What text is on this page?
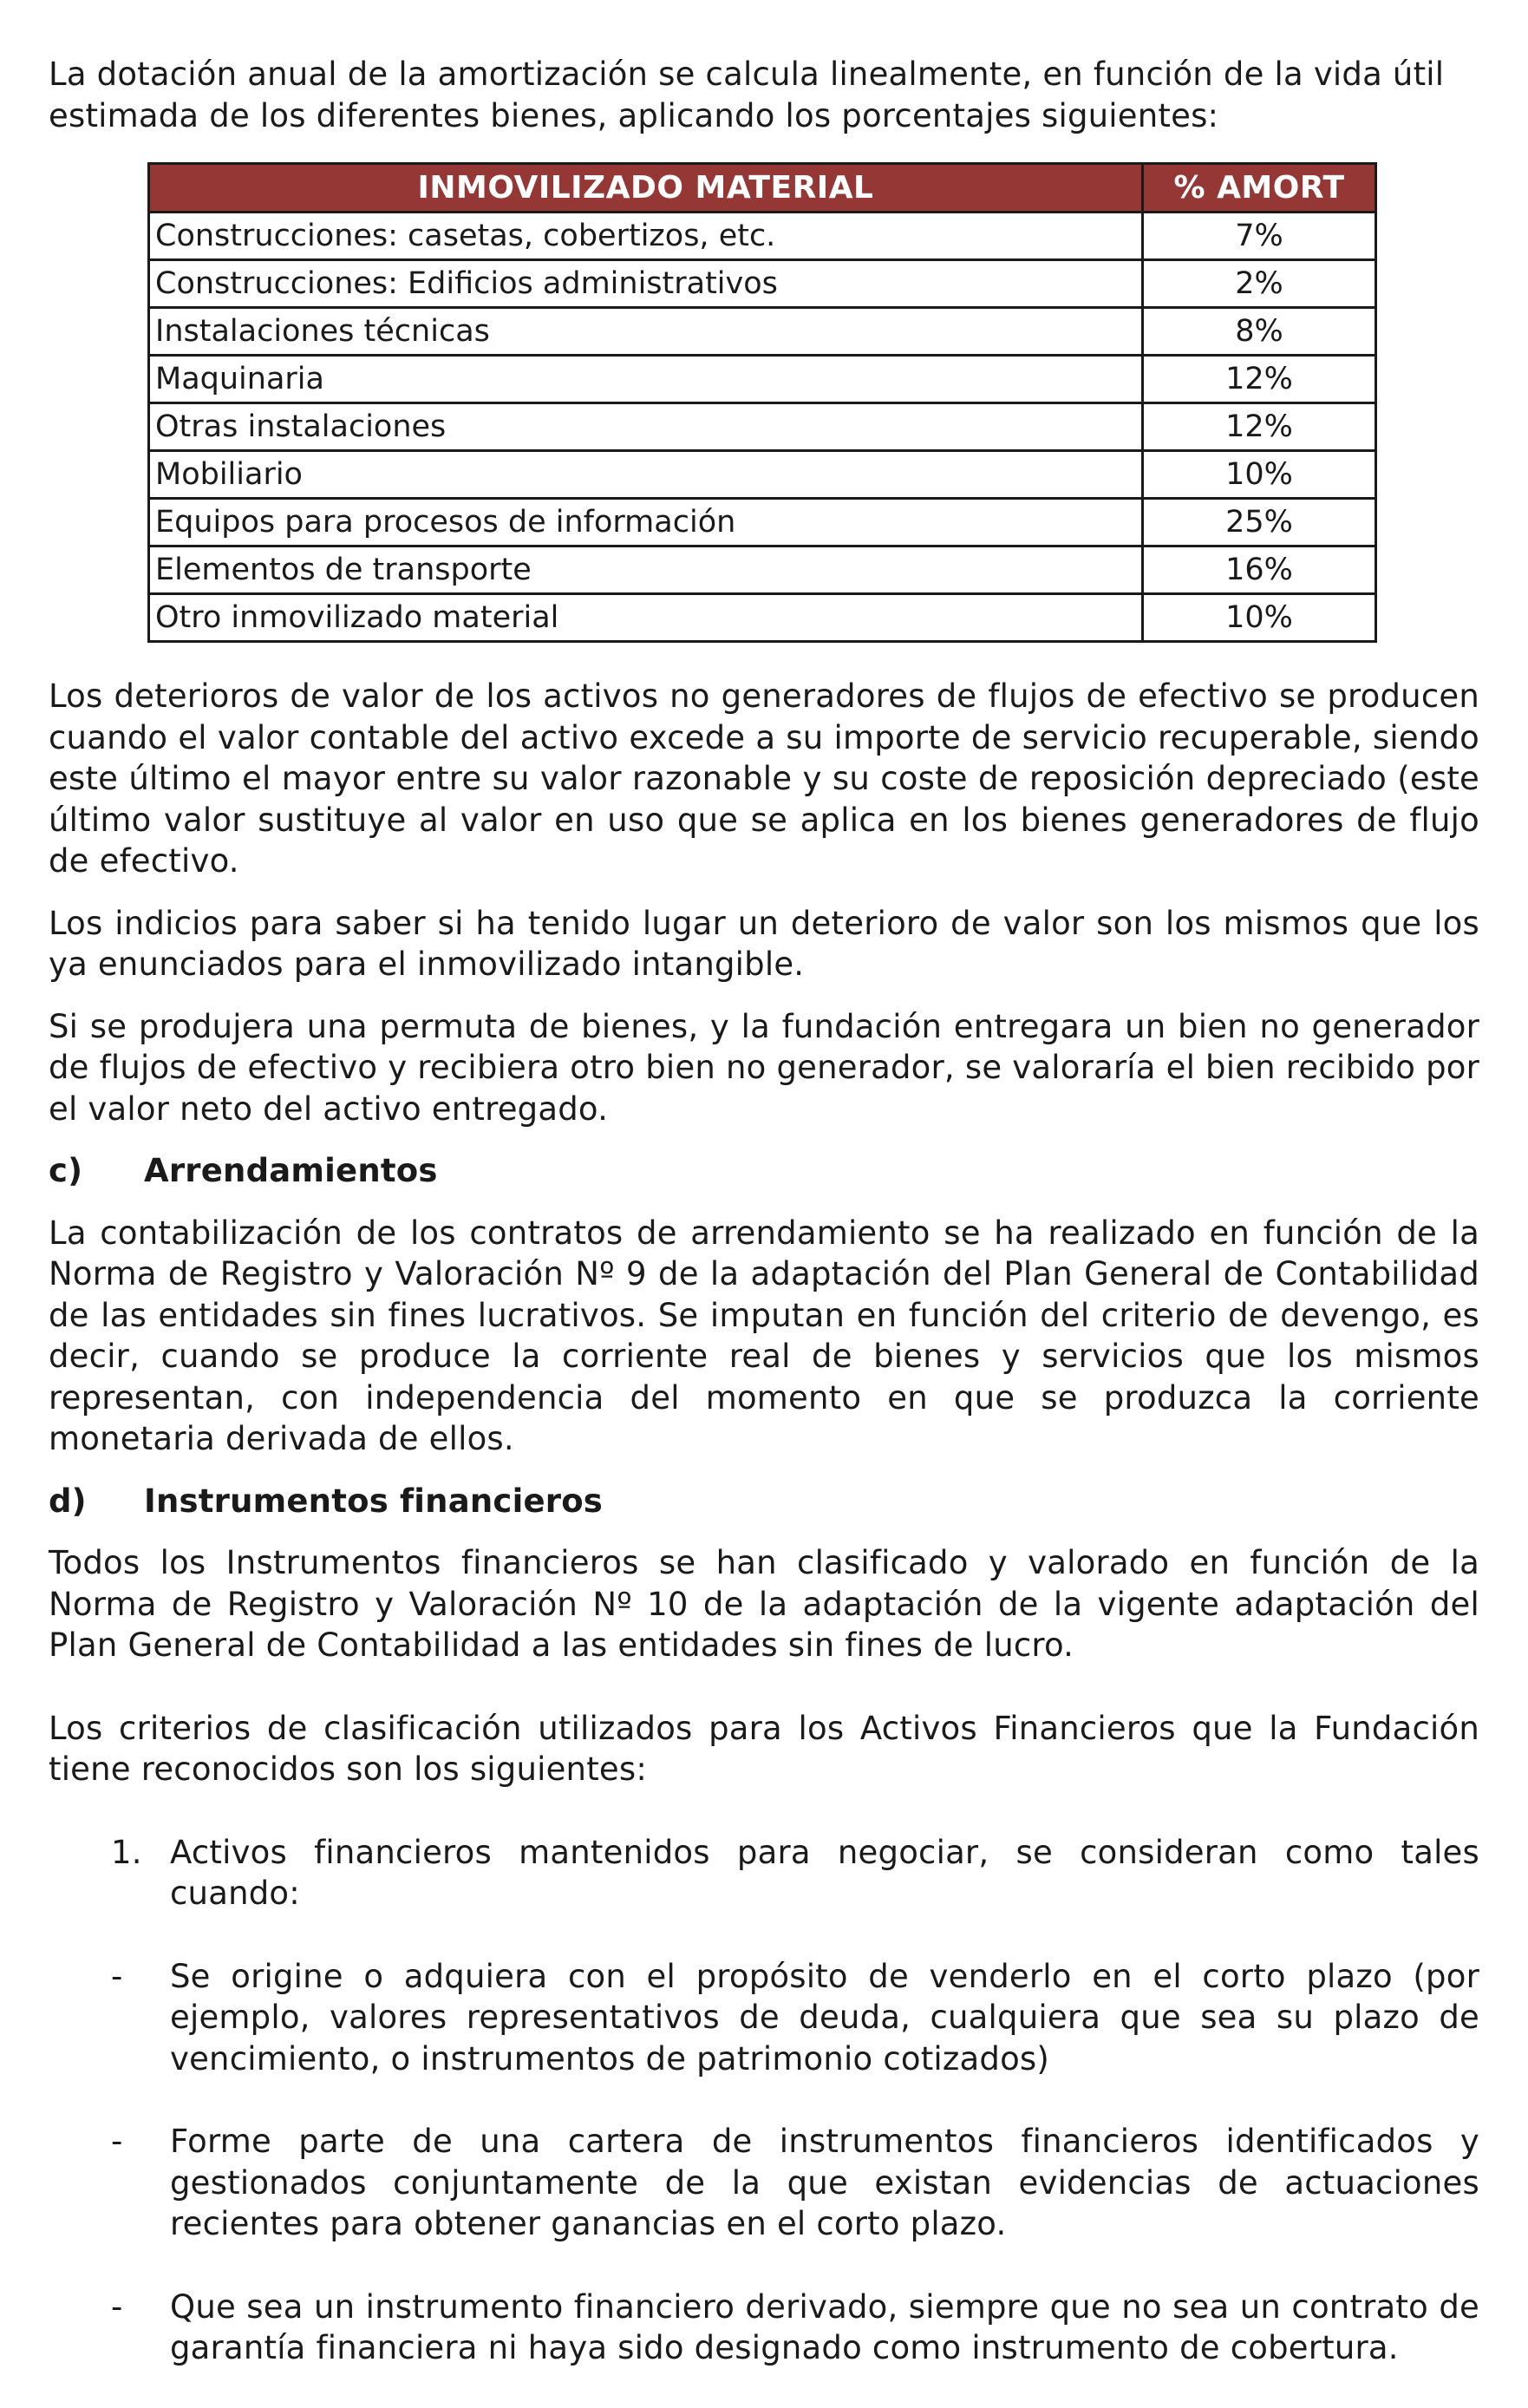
La dotación anual de la amortización se calcula linealmente, en función de la vida útil estimada de los diferentes bienes, aplicando los porcentajes siguientes:

INMOVILIZADO MATERIAL	% AMORT
Construcciones: casetas, cobertizos, etc.	7%
Construcciones: Edificios administrativos	2%
Instalaciones técnicas	8%
Maquinaria	12%
Otras instalaciones	12%
Mobiliario	10%
Equipos para procesos de información	25%
Elementos de transporte	16%
Otro inmovilizado material	10%

Los deterioros de valor de los activos no generadores de flujos de efectivo se producen cuando el valor contable del activo excede a su importe de servicio recuperable, siendo este último el mayor entre su valor razonable y su coste de reposición depreciado (este último valor sustituye al valor en uso que se aplica en los bienes generadores de flujo de efectivo.

Los indicios para saber si ha tenido lugar un deterioro de valor son los mismos que los ya enunciados para el inmovilizado intangible.

Si se produjera una permuta de bienes, y la fundación entregara un bien no generador de flujos de efectivo y recibiera otro bien no generador, se valoraría el bien recibido por el valor neto del activo entregado.

c)	Arrendamientos

La contabilización de los contratos de arrendamiento se ha realizado en función de la Norma de Registro y Valoración Nº 9 de la adaptación del Plan General de Contabilidad de las entidades sin fines lucrativos. Se imputan en función del criterio de devengo, es decir, cuando se produce la corriente real de bienes y servicios que los mismos representan, con independencia del momento en que se produzca la corriente monetaria derivada de ellos.

d)	Instrumentos financieros

Todos los Instrumentos financieros se han clasificado y valorado en función de la Norma de Registro y Valoración Nº 10 de la adaptación de la vigente adaptación del Plan General de Contabilidad a las entidades sin fines de lucro.

Los criterios de clasificación utilizados para los Activos Financieros que la Fundación tiene reconocidos son los siguientes:

1. Activos financieros mantenidos para negociar, se consideran como tales cuando:

-	Se origine o adquiera con el propósito de venderlo en el corto plazo (por ejemplo, valores representativos de deuda, cualquiera que sea su plazo de vencimiento, o instrumentos de patrimonio cotizados)

-	Forme parte de una cartera de instrumentos financieros identificados y gestionados conjuntamente de la que existan evidencias de actuaciones recientes para obtener ganancias en el corto plazo.

-	Que sea un instrumento financiero derivado, siempre que no sea un contrato de garantía financiera ni haya sido designado como instrumento de cobertura.
